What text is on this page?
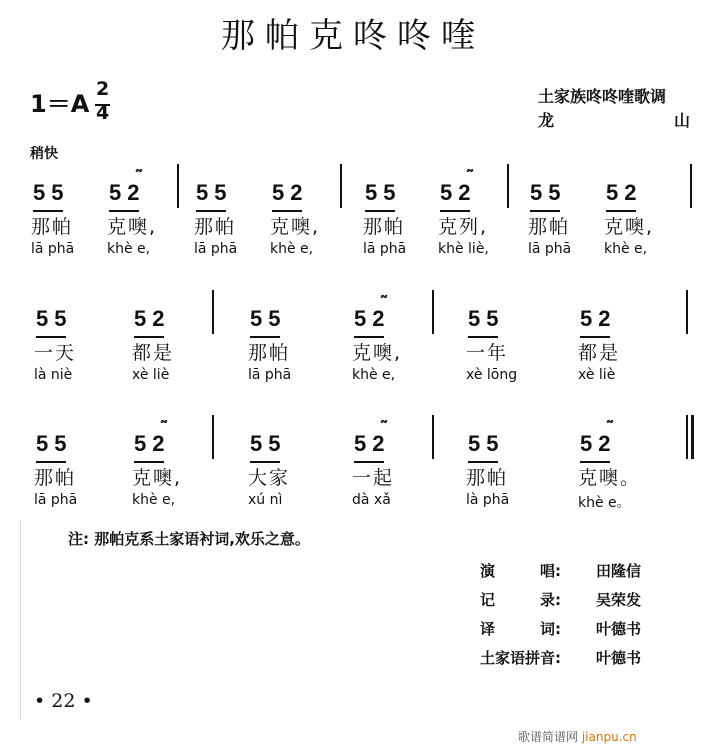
那帕克咚咚喹
1＝A
2
4
土家族咚咚喹歌调
龙	山
稍快
55
那帕
lā phā
52
𝆗
克噢,
khè e,
55
那帕
lā phā
52
克噢,
khè e,
55
那帕
lā phā
52
𝆗
克列,
khè liè,
55
那帕
lā phā
52
克噢,
khè e,
55
一天
là niè
52
都是
xè liè
55
那帕
lā phā
52
𝆗
克噢,
khè e,
55
一年
xè lōng
52
都是
xè liè
55
那帕
lā phā
52
𝆗
克噢,
khè e,
55
大家
xú nì
52
𝆗
一起
dà xǎ
55
那帕
là phā
52
𝆗
克噢。
khè e。
注: 那帕克系土家语衬词,欢乐之意。
演　　　唱: 田隆信
记　　　录: 吴荣发
译　　　词: 叶德书
土家语拼音: 叶德书
• 22 •
歌谱简谱网 jianpu.cn
